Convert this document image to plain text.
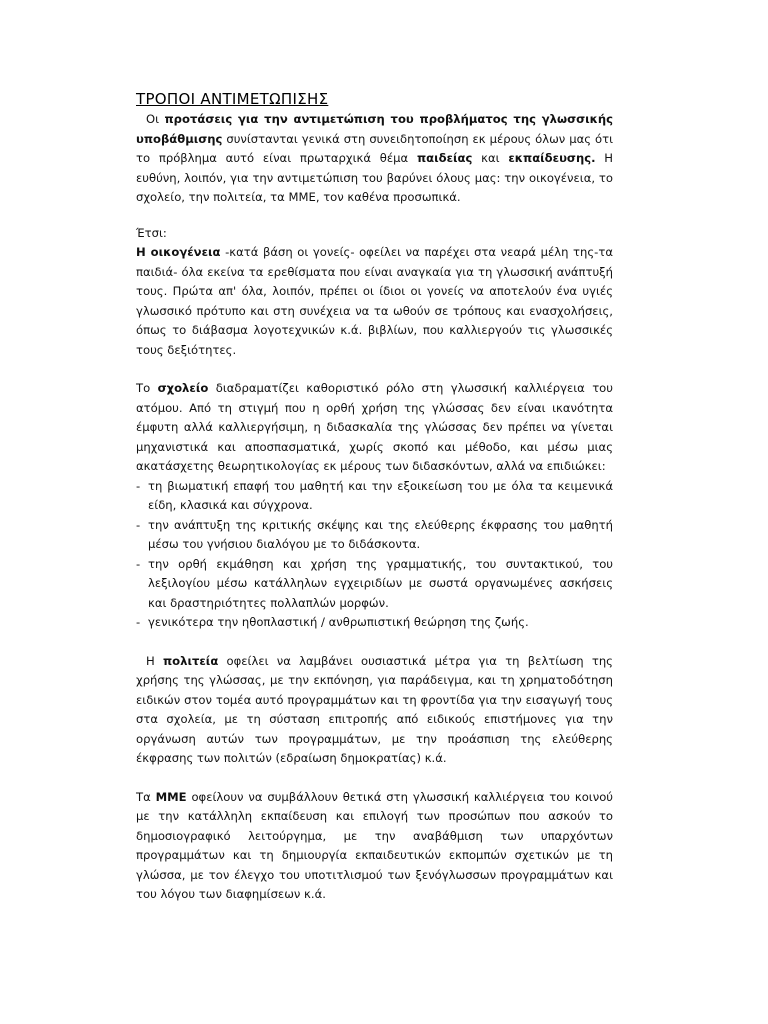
ΤΡΟΠΟΙ ΑΝΤΙΜΕΤΩΠΙΣΗΣ

Οι προτάσεις για την αντιμετώπιση του προβλήματος της γλωσσικής υποβάθμισης συνίστανται γενικά στη συνειδητοποίηση εκ μέρους όλων μας ότι το πρόβλημα αυτό είναι πρωταρχικά θέμα παιδείας και εκπαίδευσης. Η ευθύνη, λοιπόν, για την αντιμετώπιση του βαρύνει όλους μας: την οικογένεια, το σχολείο, την πολιτεία, τα ΜΜΕ, τον καθένα προσωπικά.

Έτσι:

Η οικογένεια -κατά βάση οι γονείς- οφείλει να παρέχει στα νεαρά μέλη της-τα παιδιά- όλα εκείνα τα ερεθίσματα που είναι αναγκαία για τη γλωσσική ανάπτυξή τους. Πρώτα απ' όλα, λοιπόν, πρέπει οι ίδιοι οι γονείς να αποτελούν ένα υγιές γλωσσικό πρότυπο και στη συνέχεια να τα ωθούν σε τρόπους και ενασχολήσεις, όπως το διάβασμα λογοτεχνικών κ.ά. βιβλίων, που καλλιεργούν τις γλωσσικές τους δεξιότητες.

Το σχολείο διαδραματίζει καθοριστικό ρόλο στη γλωσσική καλλιέργεια του ατόμου. Από τη στιγμή που η ορθή χρήση της γλώσσας δεν είναι ικανότητα έμφυτη αλλά καλλιεργήσιμη, η διδασκαλία της γλώσσας δεν πρέπει να γίνεται μηχανιστικά και αποσπασματικά, χωρίς σκοπό και μέθοδο, και μέσω μιας ακατάσχετης θεωρητικολογίας εκ μέρους των διδασκόντων, αλλά να επιδιώκει:

- τη βιωματική επαφή του μαθητή και την εξοικείωση του με όλα τα κειμενικά είδη, κλασικά και σύγχρονα.
- την ανάπτυξη της κριτικής σκέψης και της ελεύθερης έκφρασης του μαθητή μέσω του γνήσιου διαλόγου με το διδάσκοντα.
- την ορθή εκμάθηση και χρήση της γραμματικής, του συντακτικού, του λεξιλογίου μέσω κατάλληλων εγχειριδίων με σωστά οργανωμένες ασκήσεις και δραστηριότητες πολλαπλών μορφών.
- γενικότερα την ηθοπλαστική / ανθρωπιστική θεώρηση της ζωής.

Η πολιτεία οφείλει να λαμβάνει ουσιαστικά μέτρα για τη βελτίωση της χρήσης της γλώσσας, με την εκπόνηση, για παράδειγμα, και τη χρηματοδότηση ειδικών στον τομέα αυτό προγραμμάτων και τη φροντίδα για την εισαγωγή τους στα σχολεία, με τη σύσταση επιτροπής από ειδικούς επιστήμονες για την οργάνωση αυτών των προγραμμάτων, με την προάσπιση της ελεύθερης έκφρασης των πολιτών (εδραίωση δημοκρατίας) κ.ά.

Τα ΜΜΕ οφείλουν να συμβάλλουν θετικά στη γλωσσική καλλιέργεια του κοινού με την κατάλληλη εκπαίδευση και επιλογή των προσώπων που ασκούν το δημοσιογραφικό λειτούργημα, με την αναβάθμιση των υπαρχόντων προγραμμάτων και τη δημιουργία εκπαιδευτικών εκπομπών σχετικών με τη γλώσσα, με τον έλεγχο του υποτιτλισμού των ξενόγλωσσων προγραμμάτων και του λόγου των διαφημίσεων κ.ά.
